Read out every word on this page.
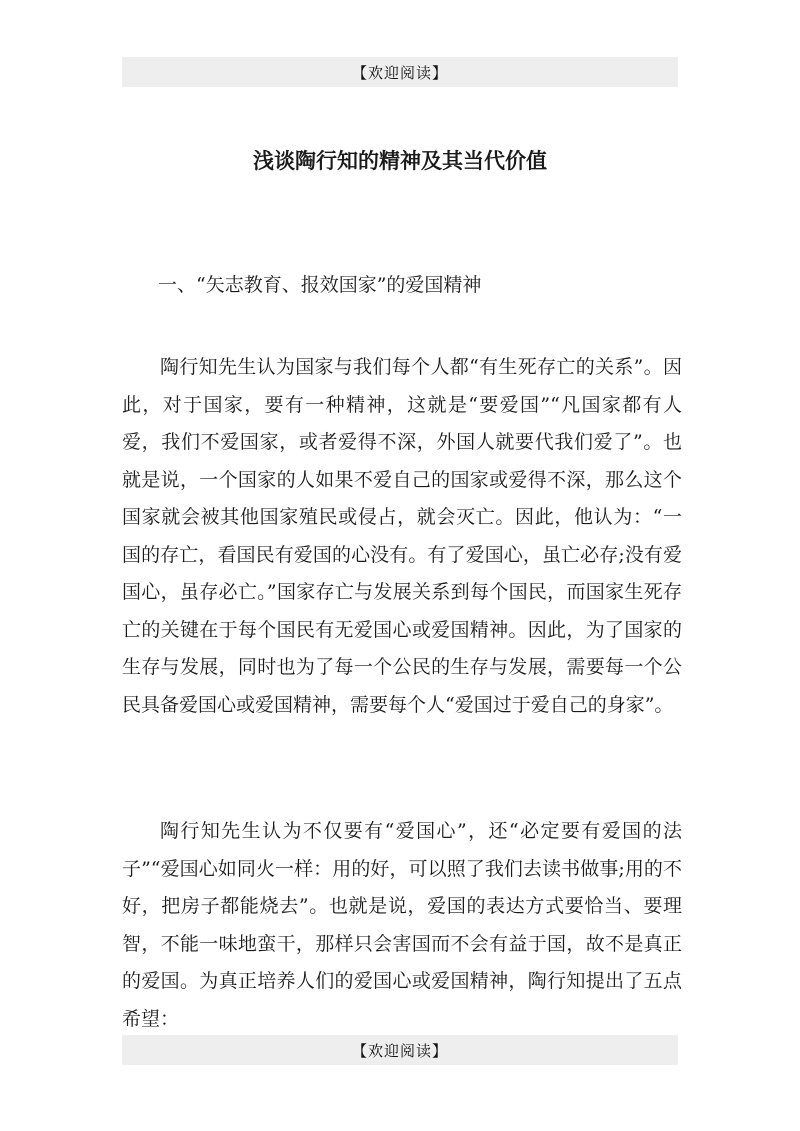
【欢迎阅读】
浅谈陶行知的精神及其当代价值
一、“矢志教育、报效国家”的爱国精神

陶行知先生认为国家与我们每个人都“有生死存亡的关系”。因此，对于国家，要有一种精神，这就是“要爱国”“凡国家都有人爱，我们不爱国家，或者爱得不深，外国人就要代我们爱了”。也就是说，一个国家的人如果不爱自己的国家或爱得不深，那么这个国家就会被其他国家殖民或侵占，就会灭亡。因此，他认为：“一国的存亡，看国民有爱国的心没有。有了爱国心，虽亡必存;没有爱国心，虽存必亡。”国家存亡与发展关系到每个国民，而国家生死存亡的关键在于每个国民有无爱国心或爱国精神。因此，为了国家的生存与发展，同时也为了每一个公民的生存与发展，需要每一个公民具备爱国心或爱国精神，需要每个人“爱国过于爱自己的身家”。

陶行知先生认为不仅要有“爱国心”，还“必定要有爱国的法子”“爱国心如同火一样：用的好，可以照了我们去读书做事;用的不好，把房子都能烧去”。也就是说，爱国的表达方式要恰当、要理智，不能一味地蛮干，那样只会害国而不会有益于国，故不是真正的爱国。为真正培养人们的爱国心或爱国精神，陶行知提出了五点希望：

【欢迎阅读】
